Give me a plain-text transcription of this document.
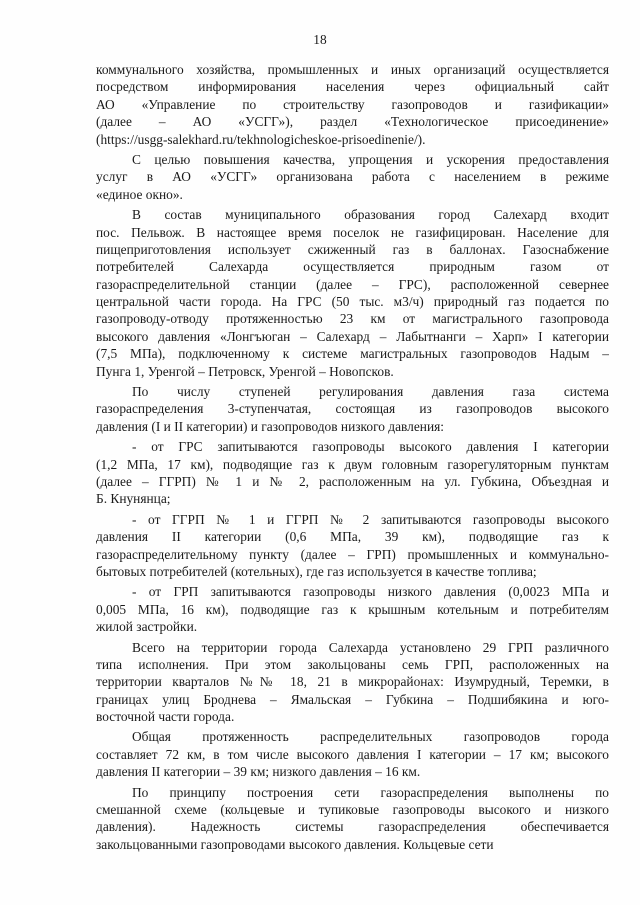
18
коммунального хозяйства, промышленных и иных организаций осуществляется
посредством информирования населения через официальный сайт
АО «Управление по строительству газопроводов и газификации»
(далее – АО «УСГГ»), раздел «Технологическое присоединение»
(https://usgg-salekhard.ru/tekhnologicheskoe-prisoedinenie/).
С целью повышения качества, упрощения и ускорения предоставления
услуг в АО «УСГГ» организована работа с населением в режиме
«единое окно».
В состав муниципального образования город Салехард входит
пос. Пельвож. В настоящее время поселок не газифицирован. Население для
пищеприготовления использует сжиженный газ в баллонах. Газоснабжение
потребителей Салехарда осуществляется природным газом от
газораспределительной станции (далее – ГРС), расположенной севернее
центральной части города. На ГРС (50 тыс. м3/ч) природный газ подается по
газопроводу-отводу протяженностью 23 км от магистрального газопровода
высокого давления «Лонгъюган – Салехард – Лабытнанги – Харп» I категории
(7,5 МПа), подключенному к системе магистральных газопроводов Надым –
Пунга 1, Уренгой – Петровск, Уренгой – Новопсков.
По числу ступеней регулирования давления газа система
газораспределения 3-ступенчатая, состоящая из газопроводов высокого
давления (I и II категории) и газопроводов низкого давления:
- от ГРС запитываются газопроводы высокого давления I категории
(1,2 МПа, 17 км), подводящие газ к двум головным газорегуляторным пунктам
(далее – ГГРП) № 1 и № 2, расположенным на ул. Губкина, Объездная и
Б. Кнунянца;
- от ГГРП № 1 и ГГРП № 2 запитываются газопроводы высокого
давления II категории (0,6 МПа, 39 км), подводящие газ к
газораспределительному пункту (далее – ГРП) промышленных и коммунально-
бытовых потребителей (котельных), где газ используется в качестве топлива;
- от ГРП запитываются газопроводы низкого давления (0,0023 МПа и
0,005 МПа, 16 км), подводящие газ к крышным котельным и потребителям
жилой застройки.
Всего на территории города Салехарда установлено 29 ГРП различного
типа исполнения. При этом закольцованы семь ГРП, расположенных на
территории кварталов №№ 18, 21 в микрорайонах: Изумрудный, Теремки, в
границах улиц Броднева – Ямальская – Губкина – Подшибякина и юго-
восточной части города.
Общая протяженность распределительных газопроводов города
составляет 72 км, в том числе высокого давления I категории – 17 км; высокого
давления II категории – 39 км; низкого давления – 16 км.
По принципу построения сети газораспределения выполнены по
смешанной схеме (кольцевые и тупиковые газопроводы высокого и низкого
давления). Надежность системы газораспределения обеспечивается
закольцованными газопроводами высокого давления. Кольцевые сети
